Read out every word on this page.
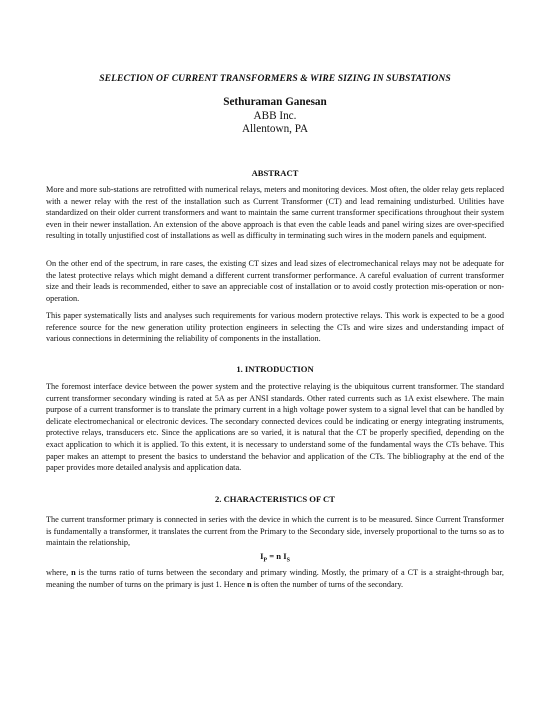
SELECTION OF CURRENT TRANSFORMERS & WIRE SIZING IN SUBSTATIONS
Sethuraman Ganesan
ABB Inc.
Allentown, PA
ABSTRACT

More and more sub-stations are retrofitted with numerical relays, meters and monitoring devices. Most often, the older relay gets replaced with a newer relay with the rest of the installation such as Current Transformer (CT) and lead remaining undisturbed. Utilities have standardized on their older current transformers and want to maintain the same current transformer specifications throughout their system even in their newer installation. An extension of the above approach is that even the cable leads and panel wiring sizes are over-specified resulting in totally unjustified cost of installations as well as difficulty in terminating such wires in the modern panels and equipment.

On the other end of the spectrum, in rare cases, the existing CT sizes and lead sizes of electromechanical relays may not be adequate for the latest protective relays which might demand a different current transformer performance. A careful evaluation of current transformer size and their leads is recommended, either to save an appreciable cost of installation or to avoid costly protection mis-operation or non-operation.

This paper systematically lists and analyses such requirements for various modern protective relays. This work is expected to be a good reference source for the new generation utility protection engineers in selecting the CTs and wire sizes and understanding impact of various connections in determining the reliability of components in the installation.

1. INTRODUCTION

The foremost interface device between the power system and the protective relaying is the ubiquitous current transformer. The standard current transformer secondary winding is rated at 5A as per ANSI standards. Other rated currents such as 1A exist elsewhere. The main purpose of a current transformer is to translate the primary current in a high voltage power system to a signal level that can be handled by delicate electromechanical or electronic devices. The secondary connected devices could be indicating or energy integrating instruments, protective relays, transducers etc. Since the applications are so varied, it is natural that the CT be properly specified, depending on the exact application to which it is applied. To this extent, it is necessary to understand some of the fundamental ways the CTs behave. This paper makes an attempt to present the basics to understand the behavior and application of the CTs. The bibliography at the end of the paper provides more detailed analysis and application data.

2. CHARACTERISTICS OF CT

The current transformer primary is connected in series with the device in which the current is to be measured. Since Current Transformer is fundamentally a transformer, it translates the current from the Primary to the Secondary side, inversely proportional to the turns so as to maintain the relationship,

$I_P = n$ $I_S$

where, n is the turns ratio of turns between the secondary and primary winding. Mostly, the primary of a CT is a straight-through bar, meaning the number of turns on the primary is just 1. Hence n is often the number of turns of the secondary.
